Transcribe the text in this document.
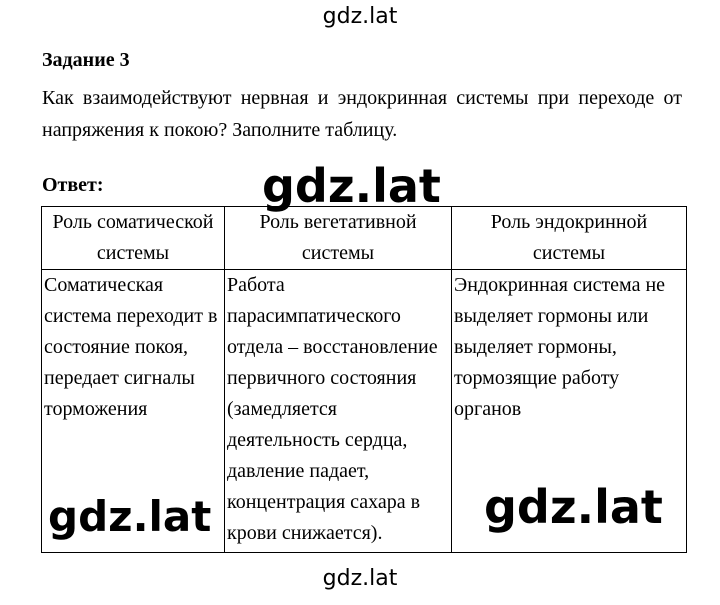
gdz.lat
Задание 3
Как взаимодействуют нервная и эндокринная системы при переходе от напряжения к покою? Заполните таблицу.
Ответ:
Роль соматической системы	Роль вегетативной системы	Роль эндокринной системы
Соматическая система переходит в состояние покоя, передает сигналы торможения	Работа парасимпатического отдела – восстановление первичного состояния (замедляется деятельность сердца, давление падает, концентрация сахара в крови снижается).	Эндокринная система не выделяет гормоны или выделяет гормоны, тормозящие работу органов
gdz.lat
gdz.lat	gdz.lat
gdz.lat
